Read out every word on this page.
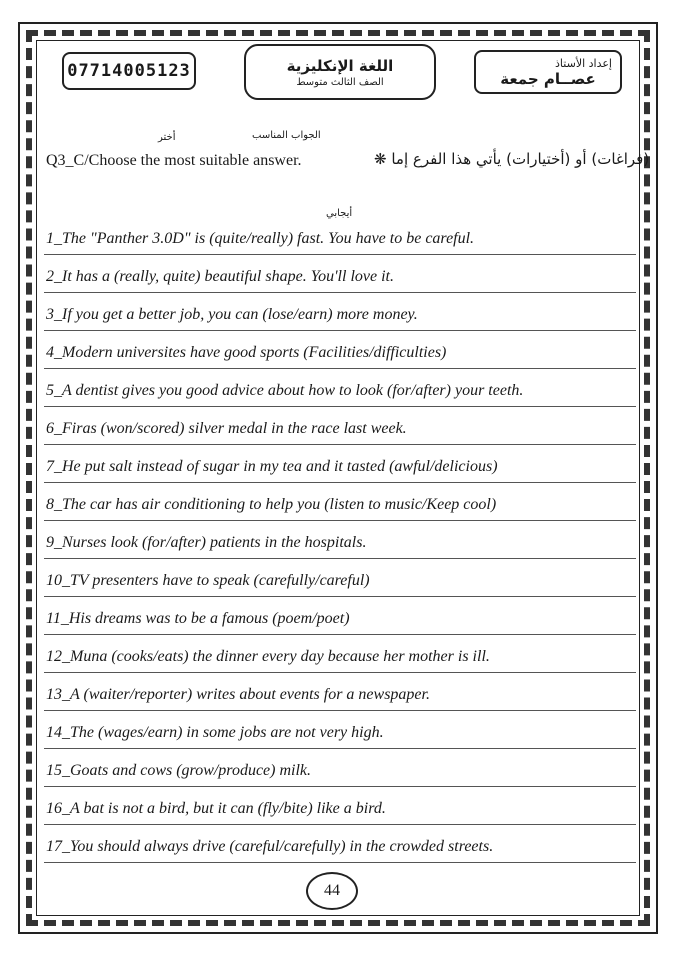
07714005123	اللغة الإنكليزية
الصف الثالث متوسط
إعداد الأستاذ
عصــام جمعة
أختر	الجواب المناسب
Q3_C/Choose the most suitable answer.	(فراغات) أو (أختيارات) يأتي هذا الفرع إما ❋
أيجابي
1_The "Panther 3.0D" is (quite/really) fast. You have to be careful.
2_It has a (really, quite) beautiful shape. You'll love it.
3_If you get a better job, you can (lose/earn) more money.
4_Modern universites have good sports (Facilities/difficulties)
5_A dentist gives you good advice about how to look (for/after) your teeth.
6_Firas (won/scored) silver medal in the race last week.
7_He put salt instead of sugar in my tea and it tasted (awful/delicious)
8_The car has air conditioning to help you (listen to music/Keep cool)
9_Nurses look (for/after) patients in the hospitals.
10_TV presenters have to speak (carefully/careful)
11_His dreams was to be a famous (poem/poet)
12_Muna (cooks/eats) the dinner every day because her mother is ill.
13_A (waiter/reporter) writes about events for a newspaper.
14_The (wages/earn) in some jobs are not very high.
15_Goats and cows (grow/produce) milk.
16_A bat is not a bird, but it can (fly/bite) like a bird.
17_You should always drive (careful/carefully) in the crowded streets.
44
